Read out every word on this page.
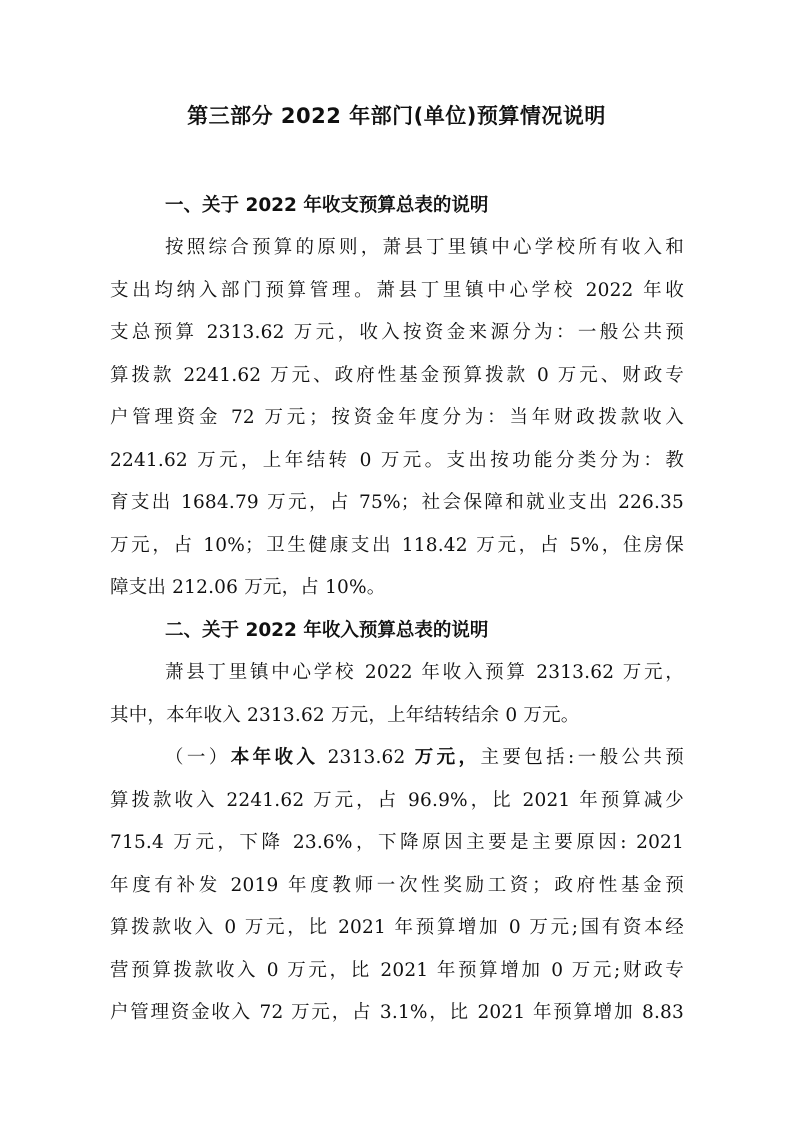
第三部分 2022 年部门(单位)预算情况说明
一、关于 2022 年收支预算总表的说明
按照综合预算的原则，萧县丁里镇中心学校所有收入和
支出均纳入部门预算管理。萧县丁里镇中心学校 2022 年收
支总预算 2313.62 万元，收入按资金来源分为：一般公共预
算拨款 2241.62 万元、政府性基金预算拨款 0 万元、财政专
户管理资金 72 万元；按资金年度分为：当年财政拨款收入
2241.62 万元，上年结转 0 万元。支出按功能分类分为：教
育支出 1684.79 万元，占 75%；社会保障和就业支出 226.35
万元，占 10%；卫生健康支出 118.42 万元，占 5%，住房保
障支出 212.06 万元，占 10%。
二、关于 2022 年收入预算总表的说明
萧县丁里镇中心学校 2022 年收入预算 2313.62 万元，
其中，本年收入 2313.62 万元，上年结转结余 0 万元。
（一）本年收入 2313.62 万元，主要包括:一般公共预
算拨款收入 2241.62 万元，占 96.9%，比 2021 年预算减少
715.4 万元，下降 23.6%，下降原因主要是主要原因: 2021
年度有补发 2019 年度教师一次性奖励工资；政府性基金预
算拨款收入 0 万元，比 2021 年预算增加 0 万元;国有资本经
营预算拨款收入 0 万元，比 2021 年预算增加 0 万元;财政专
户管理资金收入 72 万元，占 3.1%，比 2021 年预算增加 8.83
